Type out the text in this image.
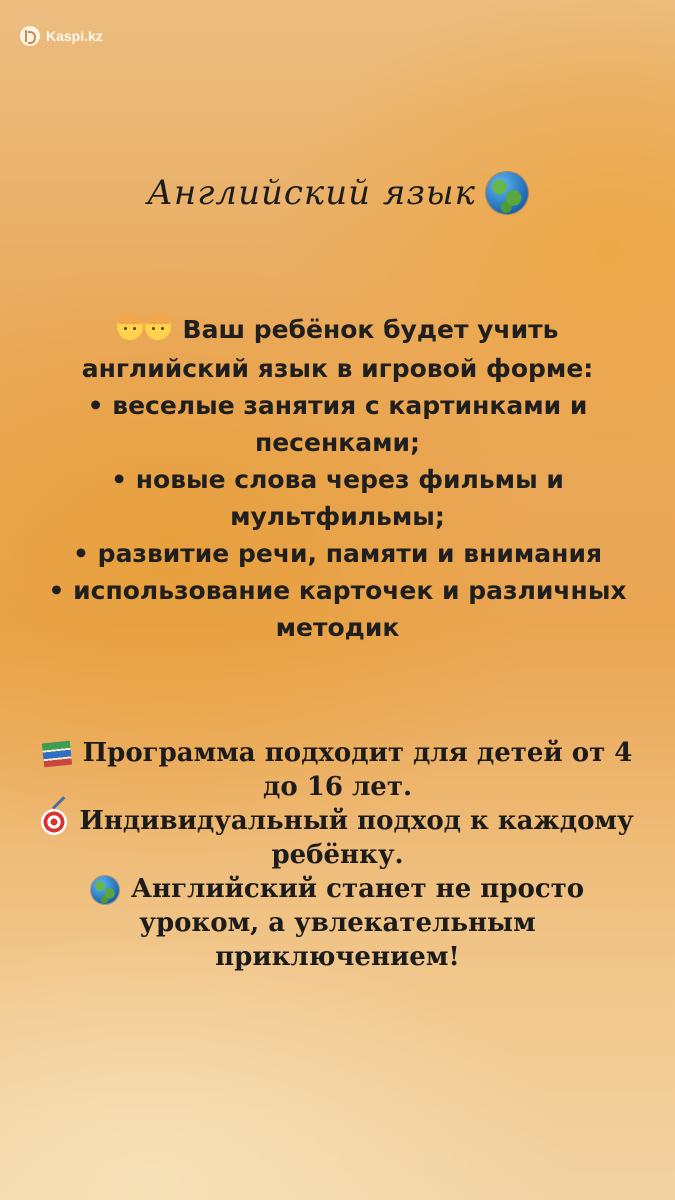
Kaspi.kz
Английский язык
Ваш ребёнок будет учить
английский язык в игровой форме:
• веселые занятия с картинками и
песенками;
• новые слова через фильмы и
мультфильмы;
• развитие речи, памяти и внимания
• использование карточек и различных
методик
Программа подходит для детей от 4
до 16 лет.
Индивидуальный подход к каждому
ребёнку.
Английский станет не просто
уроком, а увлекательным
приключением!
